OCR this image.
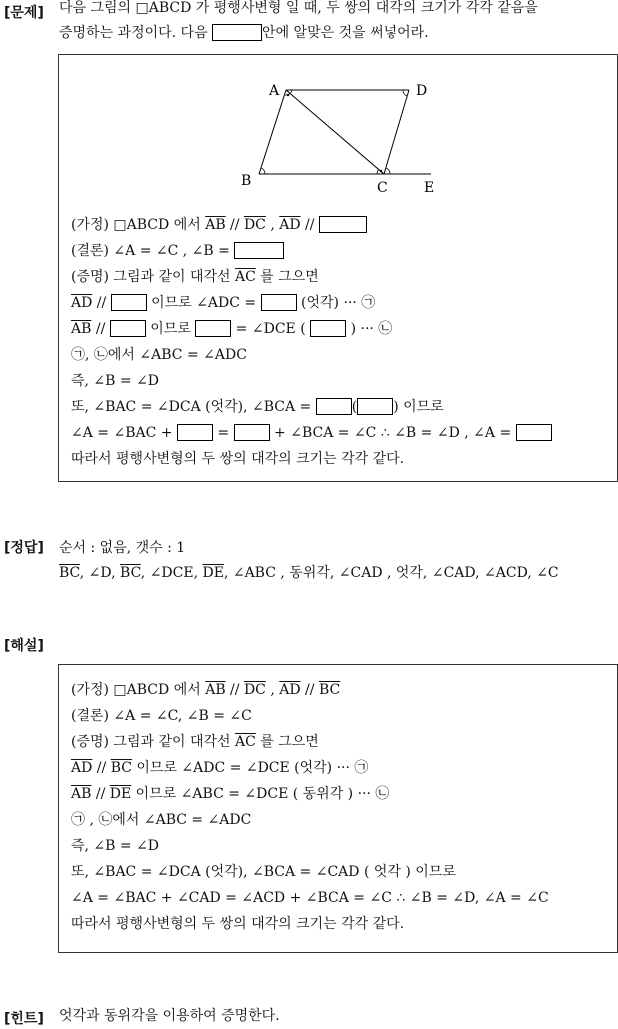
[문제] 다음 그림의 □ABCD 가 평행사변형 일 때, 두 쌍의 대각의 크기가 각각 같음을
증명하는 과정이다. 다음	안에 알맞은 것을 써넣어라.
A	D
B	C	E
(가정) □ABCD 에서 $\overline{AB} // \overline{DC}$ , $\overline{AD}$ //
(결론) ∠A = ∠C , ∠B =
(증명) 그림과 같이 대각선 $\overline{AC}$ 를 그으면
$\overline{AD}$ //	이므로 ∠ADC =	(엇각) ··· ㉠
$\overline{AB}$ //	이므로	= ∠DCE (	) ··· ㉡
㉠, ㉡에서 ∠ABC = ∠ADC
즉, ∠B = ∠D
또, ∠BAC = ∠DCA (엇각), ∠BCA =	(	) 이므로
∠A = ∠BAC +	=	+ ∠BCA = ∠C ∴ ∠B = ∠D , ∠A =
따라서 평행사변형의 두 쌍의 대각의 크기는 각각 같다.
[정답] 순서 : 없음, 갯수 : 1
$\overline{BC}$, ∠D, $\overline{BC}$, ∠DCE, $\overline{DE}$, ∠ABC , 동위각, ∠CAD , 엇각, ∠CAD, ∠ACD, ∠C
[해설]
(가정) □ABCD 에서 $\overline{AB} // \overline{DC}$ , $\overline{AD} // \overline{BC}$
(결론) ∠A = ∠C, ∠B = ∠C
(증명) 그림과 같이 대각선 $\overline{AC}$ 를 그으면
$\overline{AD} // \overline{BC}$ 이므로 ∠ADC = ∠DCE (엇각) ··· ㉠
$\overline{AB} // \overline{DE}$ 이므로 ∠ABC = ∠DCE ( 동위각 ) ··· ㉡
㉠ , ㉡에서 ∠ABC = ∠ADC
즉, ∠B = ∠D
또, ∠BAC = ∠DCA (엇각), ∠BCA = ∠CAD ( 엇각 ) 이므로
∠A = ∠BAC + ∠CAD = ∠ACD + ∠BCA = ∠C ∴ ∠B = ∠D, ∠A = ∠C
따라서 평행사변형의 두 쌍의 대각의 크기는 각각 같다.
[힌트] 엇각과 동위각을 이용하여 증명한다.
